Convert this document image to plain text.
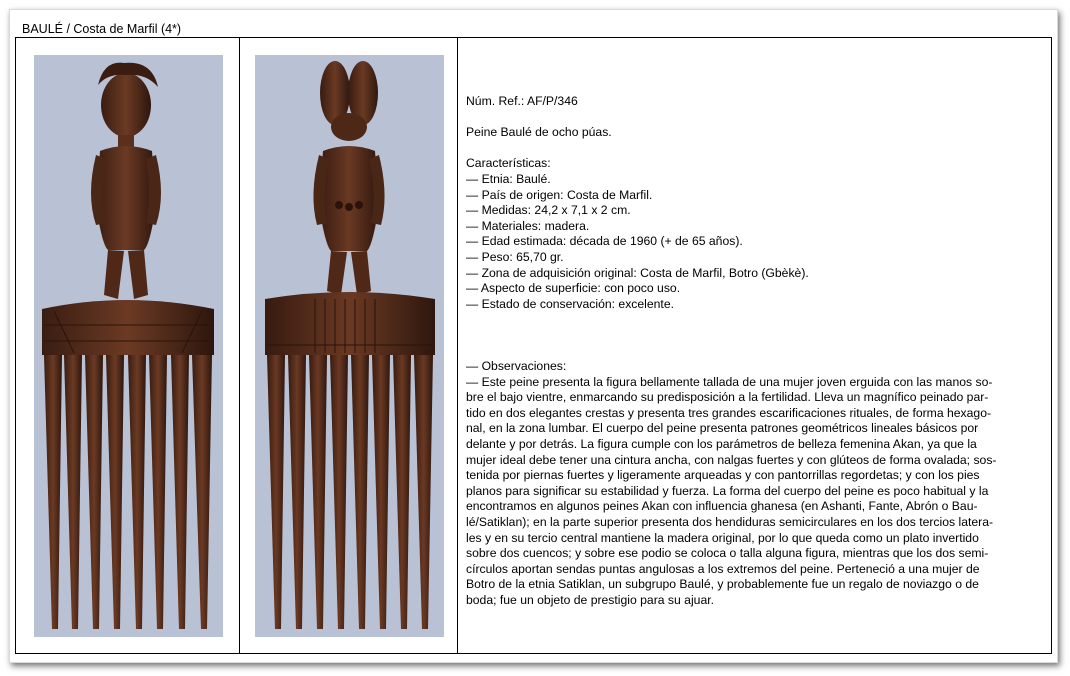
BAULÉ / Costa de Marfil (4*)

Núm. Ref.: AF/P/346

Peine Baulé de ocho púas.

Características:

— Etnia: Baulé.

— País de origen: Costa de Marfil.

— Medidas: 24,2 x 7,1 x 2 cm.

— Materiales: madera.

— Edad estimada: década de 1960 (+ de 65 años).

— Peso: 65,70 gr.

— Zona de adquisición original: Costa de Marfil, Botro (Gbèkè).

— Aspecto de superficie: con poco uso.

— Estado de conservación: excelente.

— Observaciones:

— Este peine presenta la figura bellamente tallada de una mujer joven erguida con las manos so-

bre el bajo vientre, enmarcando su predisposición a la fertilidad. Lleva un magnífico peinado par-

tido en dos elegantes crestas y presenta tres grandes escarificaciones rituales, de forma hexago-

nal, en la zona lumbar. El cuerpo del peine presenta patrones geométricos lineales básicos por

delante y por detrás. La figura cumple con los parámetros de belleza femenina Akan, ya que la

mujer ideal debe tener una cintura ancha, con nalgas fuertes y con glúteos de forma ovalada; sos-

tenida por piernas fuertes y ligeramente arqueadas y con pantorrillas regordetas; y con los pies

planos para significar su estabilidad y fuerza. La forma del cuerpo del peine es poco habitual y la

encontramos en algunos peines Akan con influencia ghanesa (en Ashanti, Fante, Abrón o Bau-

lé/Satiklan); en la parte superior presenta dos hendiduras semicirculares en los dos tercios latera-

les y en su tercio central mantiene la madera original, por lo que queda como un plato invertido

sobre dos cuencos; y sobre ese podio se coloca o talla alguna figura, mientras que los dos semi-

círculos aportan sendas puntas angulosas a los extremos del peine. Perteneció a una mujer de

Botro de la etnia Satiklan, un subgrupo Baulé, y probablemente fue un regalo de noviazgo o de

boda; fue un objeto de prestigio para su ajuar.
